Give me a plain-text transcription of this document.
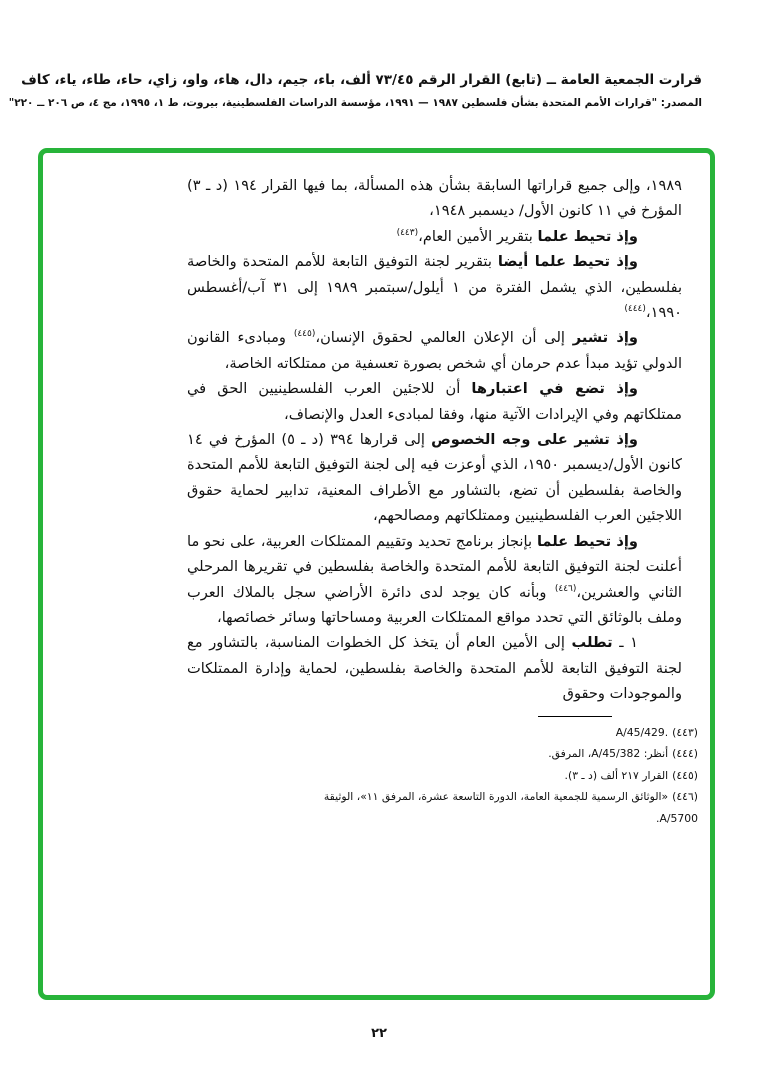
قرارت الجمعية العامة ــ (تابع) القرار الرقم ٧٣/٤٥ ألف، باء، جيم، دال، هاء، واو، زاي، حاء، طاء، ياء، كاف
المصدر: "قرارات الأمم المتحدة بشأن فلسطين ١٩٨٧ — ١٩٩١، مؤسسة الدراسات الفلسطينية، بيروت، ط ١، ١٩٩٥، مج ٤، ص ٢٠٦ ــ ٢٢٠"

١٩٨٩، وإلى جميع قراراتها السابقة بشأن هذه المسألة، بما فيها القرار ١٩٤ (د ـ ٣) المؤرخ في ١١ كانون الأول/ ديسمبر ١٩٤٨،

وإذ تحيط علما بتقرير الأمين العام،$^{(٤٤٣)}$

وإذ تحيط علما أيضا بتقرير لجنة التوفيق التابعة للأمم المتحدة والخاصة بفلسطين، الذي يشمل الفترة من ١ أيلول/سبتمبر ١٩٨٩ إلى ٣١ آب/أغسطس ١٩٩٠،$^{(٤٤٤)}$

وإذ تشير إلى أن الإعلان العالمي لحقوق الإنسان،$^{(٤٤٥)}$ ومبادىء القانون الدولي تؤيد مبدأ عدم حرمان أي شخص بصورة تعسفية من ممتلكاته الخاصة،

وإذ تضع في اعتبارها أن للاجئين العرب الفلسطينيين الحق في ممتلكاتهم وفي الإيرادات الآتية منها، وفقا لمبادىء العدل والإنصاف،

وإذ تشير على وجه الخصوص إلى قرارها ٣٩٤ (د ـ ٥) المؤرخ في ١٤ كانون الأول/ديسمبر ١٩٥٠، الذي أوعزت فيه إلى لجنة التوفيق التابعة للأمم المتحدة والخاصة بفلسطين أن تضع، بالتشاور مع الأطراف المعنية، تدابير لحماية حقوق اللاجئين العرب الفلسطينيين وممتلكاتهم ومصالحهم،

وإذ تحيط علما بإنجاز برنامج تحديد وتقييم الممتلكات العربية، على نحو ما أعلنت لجنة التوفيق التابعة للأمم المتحدة والخاصة بفلسطين في تقريرها المرحلي الثاني والعشرين،$^{(٤٤٦)}$ وبأنه كان يوجد لدى دائرة الأراضي سجل بالملاك العرب وملف بالوثائق التي تحدد مواقع الممتلكات العربية ومساحاتها وسائر خصائصها،

١ ـ تطلب إلى الأمين العام أن يتخذ كل الخطوات المناسبة، بالتشاور مع لجنة التوفيق التابعة للأمم المتحدة والخاصة بفلسطين، لحماية وإدارة الممتلكات والموجودات وحقوق

(٤٤٣)A/45/429.‎
(٤٤٤)أنظر: A/45/382، المرفق.
(٤٤٥)القرار ٢١٧ ألف (د ـ ٣).
(٤٤٦)«الوثائق الرسمية للجمعية العامة، الدورة التاسعة عشرة، المرفق ١١»، الوثيقة A/5700.
٢٢
